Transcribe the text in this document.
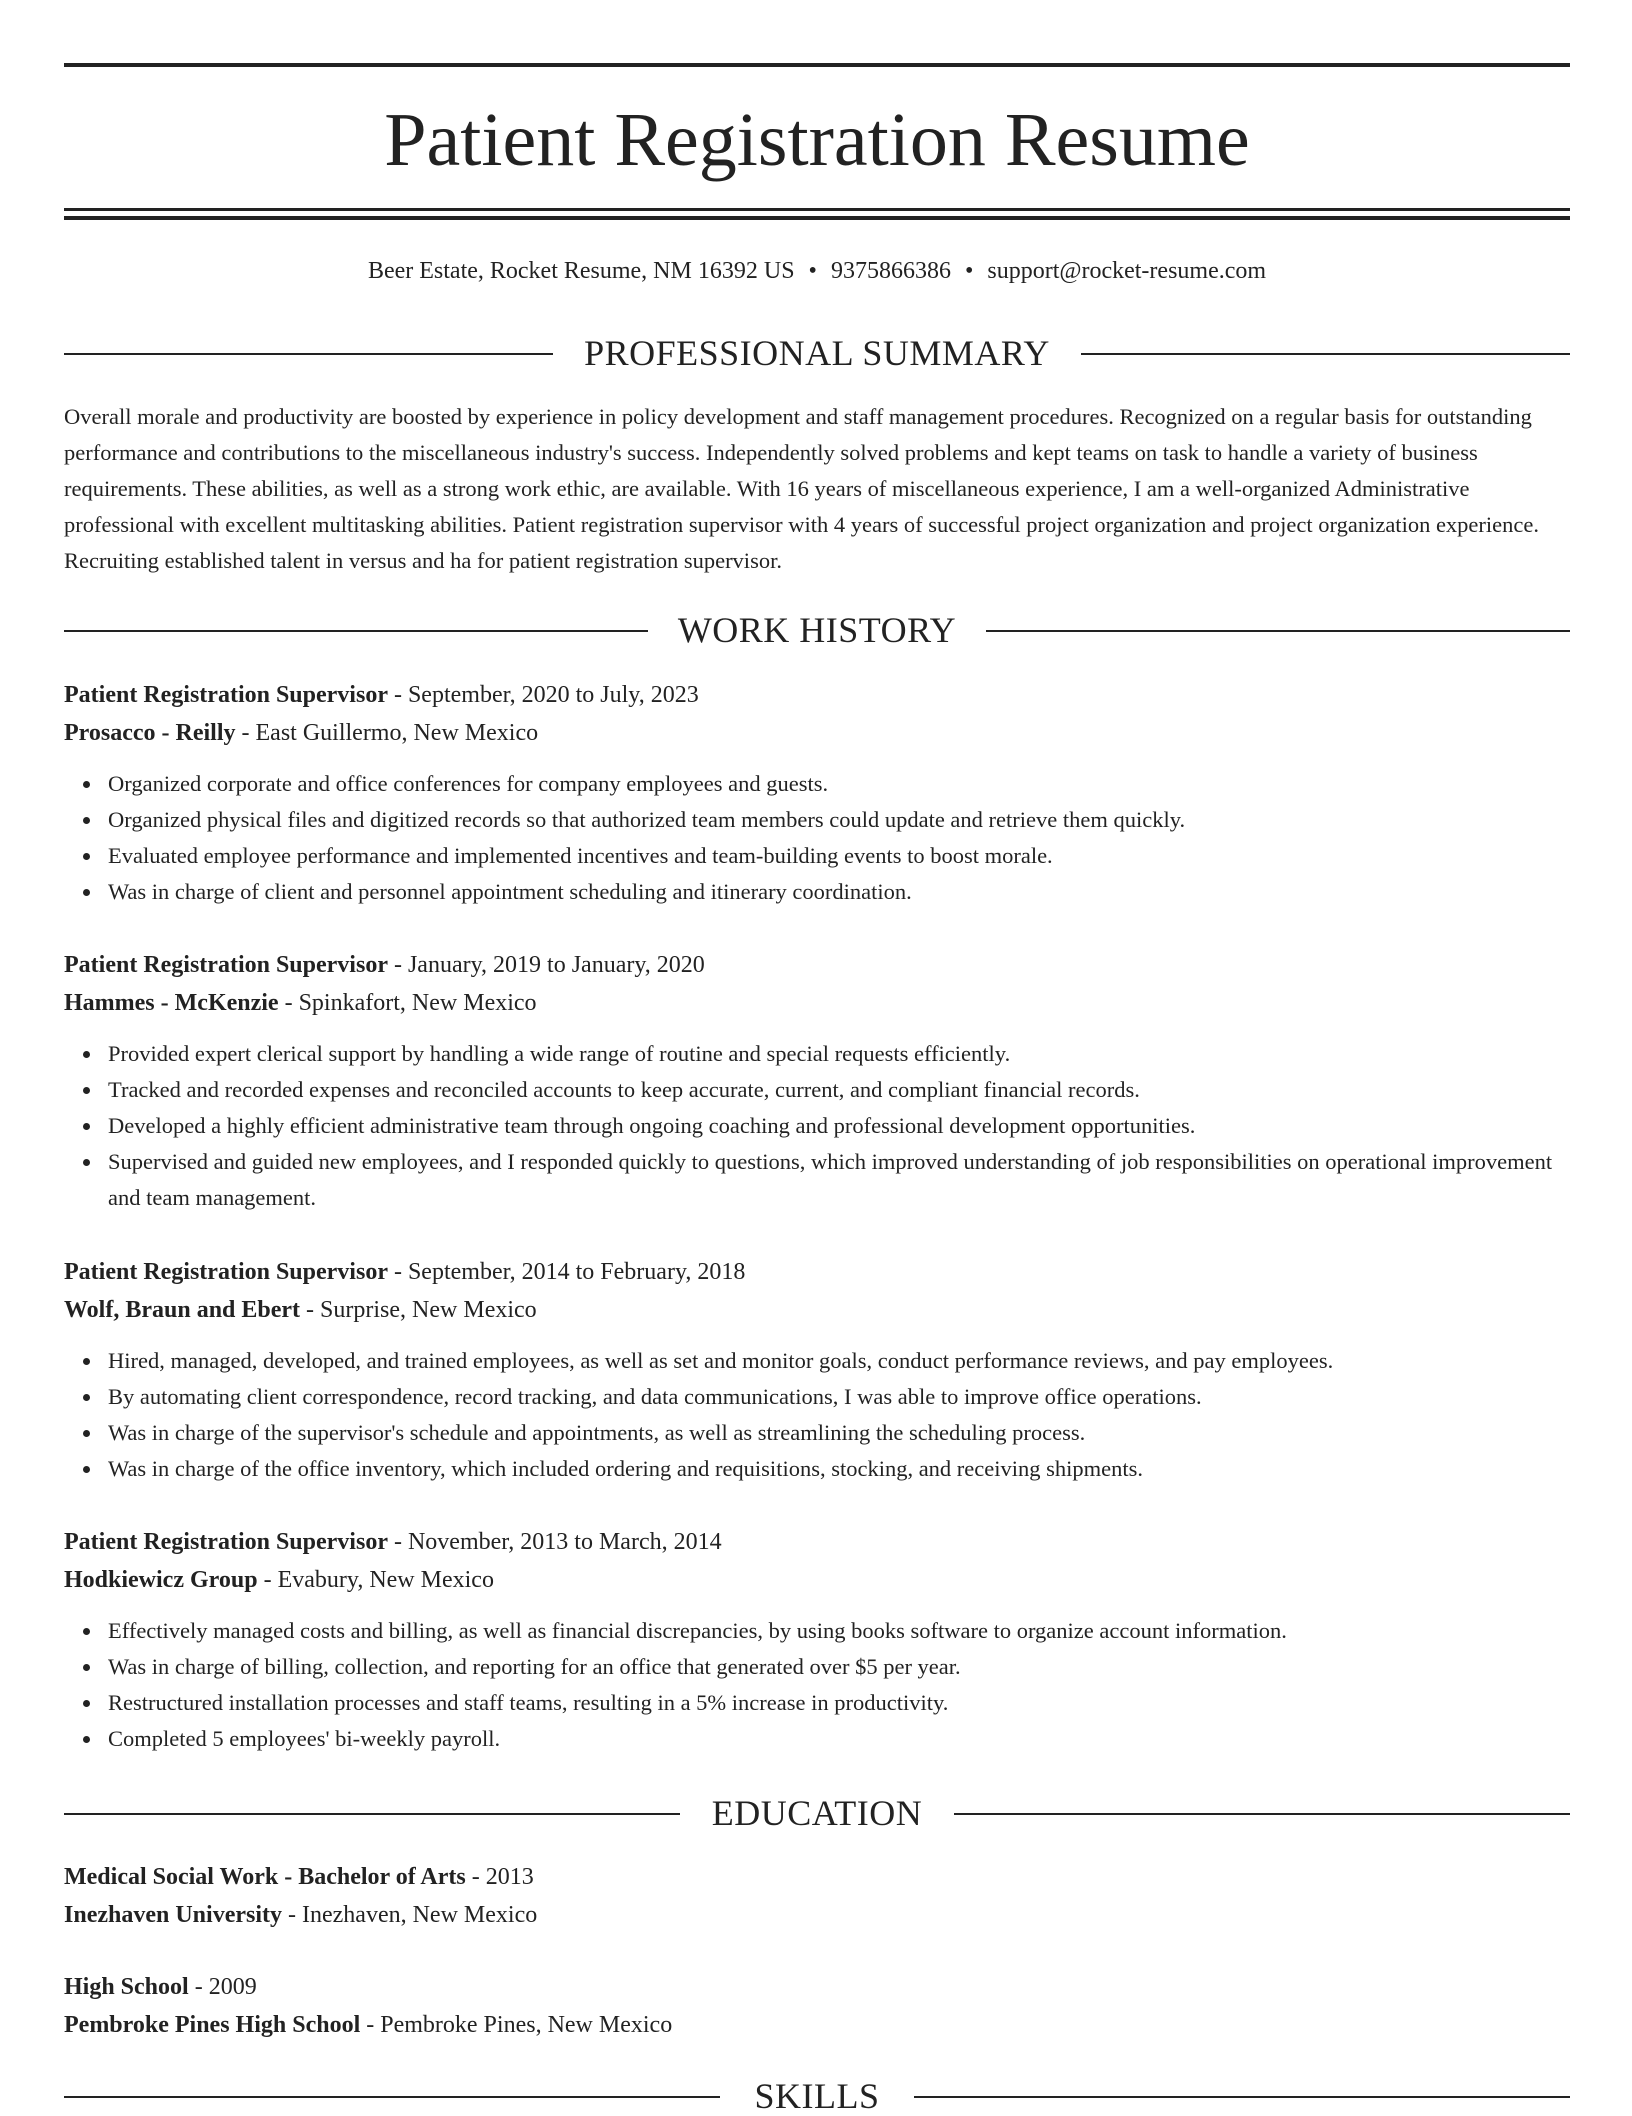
Patient Registration Resume
Beer Estate, Rocket Resume, NM 16392 US • 9375866386 • support@rocket-resume.com
PROFESSIONAL SUMMARY
Overall morale and productivity are boosted by experience in policy development and staff management procedures. Recognized on a regular basis for outstanding performance and contributions to the miscellaneous industry's success. Independently solved problems and kept teams on task to handle a variety of business requirements. These abilities, as well as a strong work ethic, are available. With 16 years of miscellaneous experience, I am a well-organized Administrative professional with excellent multitasking abilities. Patient registration supervisor with 4 years of successful project organization and project organization experience. Recruiting established talent in versus and ha for patient registration supervisor.
WORK HISTORY
Patient Registration Supervisor - September, 2020 to July, 2023
Prosacco - Reilly - East Guillermo, New Mexico
Organized corporate and office conferences for company employees and guests.
Organized physical files and digitized records so that authorized team members could update and retrieve them quickly.
Evaluated employee performance and implemented incentives and team-building events to boost morale.
Was in charge of client and personnel appointment scheduling and itinerary coordination.
Patient Registration Supervisor - January, 2019 to January, 2020
Hammes - McKenzie - Spinkafort, New Mexico
Provided expert clerical support by handling a wide range of routine and special requests efficiently.
Tracked and recorded expenses and reconciled accounts to keep accurate, current, and compliant financial records.
Developed a highly efficient administrative team through ongoing coaching and professional development opportunities.
Supervised and guided new employees, and I responded quickly to questions, which improved understanding of job responsibilities on operational improvement and team management.
Patient Registration Supervisor - September, 2014 to February, 2018
Wolf, Braun and Ebert - Surprise, New Mexico
Hired, managed, developed, and trained employees, as well as set and monitor goals, conduct performance reviews, and pay employees.
By automating client correspondence, record tracking, and data communications, I was able to improve office operations.
Was in charge of the supervisor's schedule and appointments, as well as streamlining the scheduling process.
Was in charge of the office inventory, which included ordering and requisitions, stocking, and receiving shipments.
Patient Registration Supervisor - November, 2013 to March, 2014
Hodkiewicz Group - Evabury, New Mexico
Effectively managed costs and billing, as well as financial discrepancies, by using books software to organize account information.
Was in charge of billing, collection, and reporting for an office that generated over $5 per year.
Restructured installation processes and staff teams, resulting in a 5% increase in productivity.
Completed 5 employees' bi-weekly payroll.
EDUCATION
Medical Social Work - Bachelor of Arts - 2013
Inezhaven University - Inezhaven, New Mexico
High School - 2009
Pembroke Pines High School - Pembroke Pines, New Mexico
SKILLS
